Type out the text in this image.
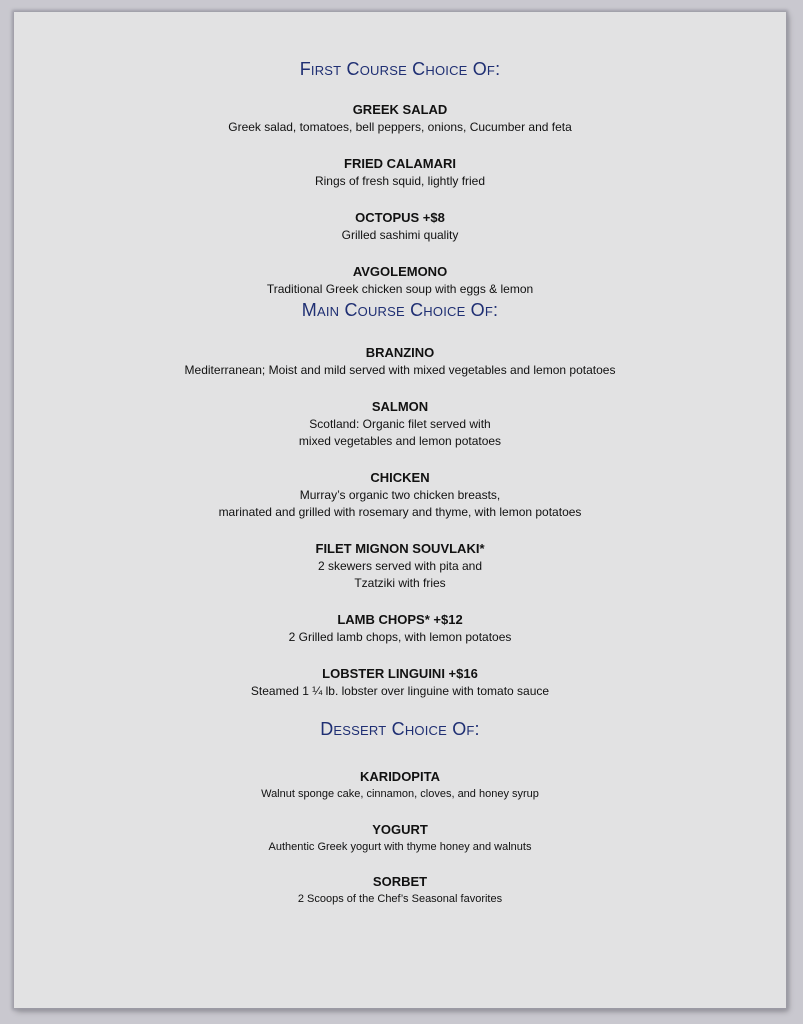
First Course Choice Of:
GREEK SALAD
Greek salad, tomatoes, bell peppers, onions, Cucumber and feta
FRIED CALAMARI
Rings of fresh squid, lightly fried
OCTOPUS +$8
Grilled sashimi quality
AVGOLEMONO
Traditional Greek chicken soup with eggs & lemon
Main Course Choice Of:
BRANZINO
Mediterranean; Moist and mild served with mixed vegetables and lemon potatoes
SALMON
Scotland: Organic filet served with
mixed vegetables and lemon potatoes
CHICKEN
Murray’s organic two chicken breasts,
marinated and grilled with rosemary and thyme, with lemon potatoes
FILET MIGNON SOUVLAKI*
2 skewers served with pita and
Tzatziki with fries
LAMB CHOPS* +$12
2 Grilled lamb chops, with lemon potatoes
LOBSTER LINGUINI +$16
Steamed 1 ¼ lb. lobster over linguine with tomato sauce
Dessert Choice Of:
KARIDOPITA
Walnut sponge cake, cinnamon, cloves, and honey syrup
YOGURT
Authentic Greek yogurt with thyme honey and walnuts
SORBET
2 Scoops of the Chef’s Seasonal favorites
